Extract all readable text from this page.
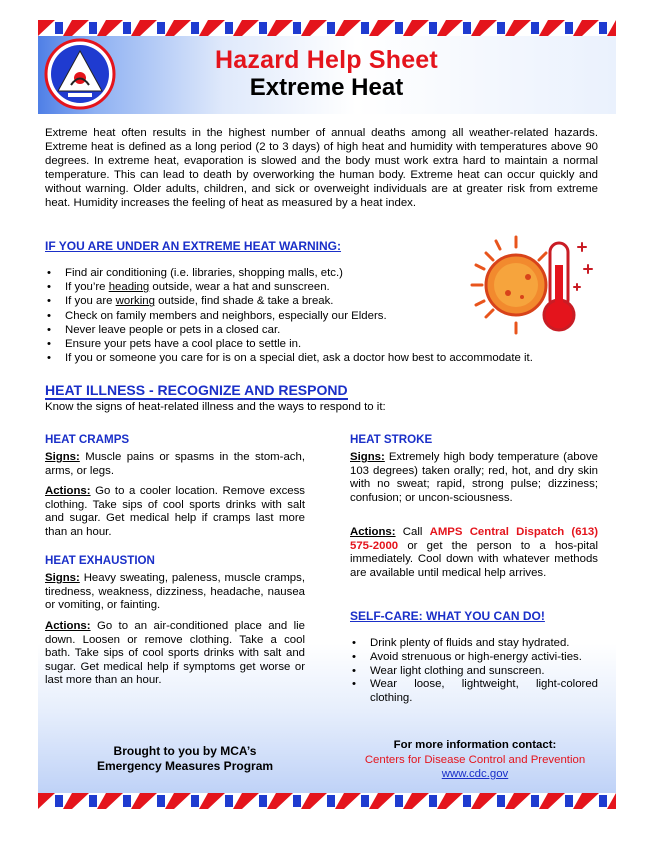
Hazard Help Sheet
Extreme Heat

Extreme heat often results in the highest number of annual deaths among all weather-related hazards. Extreme heat is defined as a long period (2 to 3 days) of high heat and humidity with temperatures above 90 degrees. In extreme heat, evaporation is slowed and the body must work extra hard to maintain a normal temperature. This can lead to death by overworking the human body. Extreme heat can occur quickly and without warning. Older adults, children, and sick or overweight individuals are at greater risk from extreme heat. Humidity increases the feeling of heat as measured by a heat index.

IF YOU ARE UNDER AN EXTREME HEAT WARNING:
• Find air conditioning (i.e. libraries, shopping malls, etc.)
• If you’re heading outside, wear a hat and sunscreen.
• If you are working outside, find shade & take a break.
• Check on family members and neighbors, especially our Elders.
• Never leave people or pets in a closed car.
• Ensure your pets have a cool place to settle in.
• If you or someone you care for is on a special diet, ask a doctor how best to accommodate it.
HEAT ILLNESS - RECOGNIZE AND RESPOND

Know the signs of heat-related illness and the ways to respond to it:

HEAT CRAMPS

Signs: Muscle pains or spasms in the stom-ach, arms, or legs.

Actions: Go to a cooler location. Remove excess clothing. Take sips of cool sports drinks with salt and sugar. Get medical help if cramps last more than an hour.

HEAT EXHAUSTION

Signs: Heavy sweating, paleness, muscle cramps, tiredness, weakness, dizziness, headache, nausea or vomiting, or fainting.

Actions: Go to an air-conditioned place and lie down. Loosen or remove clothing. Take a cool bath. Take sips of cool sports drinks with salt and sugar. Get medical help if symptoms get worse or last more than an hour.

HEAT STROKE

Signs: Extremely high body temperature (above 103 degrees) taken orally; red, hot, and dry skin with no sweat; rapid, strong pulse; dizziness; confusion; or uncon-sciousness.

Actions: Call AMPS Central Dispatch (613) 575-2000 or get the person to a hos-pital immediately. Cool down with whatever methods are available until medical help arrives.

SELF-CARE: WHAT YOU CAN DO!
• Drink plenty of fluids and stay hydrated.
• Avoid strenuous or high-energy activi-ties.
• Wear light clothing and sunscreen.
• Wear loose, lightweight, light-colored clothing.
Brought to you by MCA’s
Emergency Measures Program
For more information contact:
Centers for Disease Control and Prevention
www.cdc.gov
